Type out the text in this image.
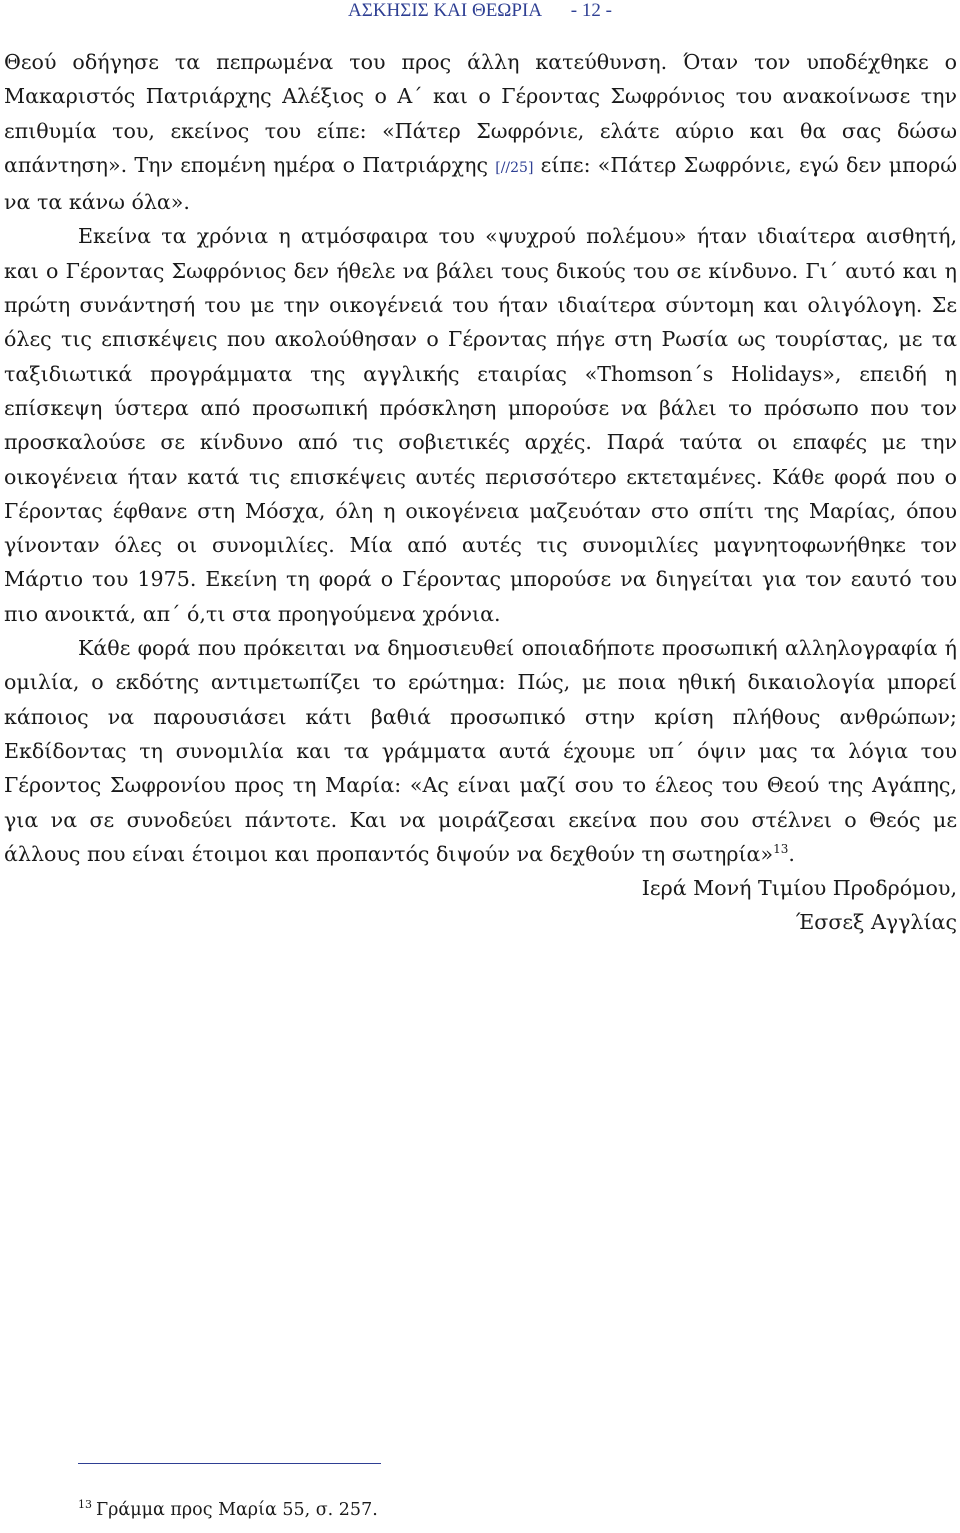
ΑΣΚΗΣΙΣ ΚΑΙ ΘΕΩΡΙΑ - 12 -

Θεού οδήγησε τα πεπρωμένα του προς άλλη κατεύθυνση. Όταν τον υποδέχθηκε ο Μακαριστός Πατριάρχης Αλέξιος ο Α΄ και ο Γέροντας Σωφρόνιος του ανακοίνωσε την επιθυμία του, εκείνος του είπε: «Πάτερ Σωφρόνιε, ελάτε αύριο και θα σας δώσω απάντηση». Την επομένη ημέρα ο Πατριάρχης [//25] είπε: «Πάτερ Σωφρόνιε, εγώ δεν μπορώ να τα κάνω όλα».

Εκείνα τα χρόνια η ατμόσφαιρα του «ψυχρού πολέμου» ήταν ιδιαίτερα αισθητή, και ο Γέροντας Σωφρόνιος δεν ήθελε να βάλει τους δικούς του σε κίνδυνο. Γι΄ αυτό και η πρώτη συνάντησή του με την οικογένειά του ήταν ιδιαίτερα σύντομη και ολιγόλογη. Σε όλες τις επισκέψεις που ακολούθησαν ο Γέροντας πήγε στη Ρωσία ως τουρίστας, με τα ταξιδιωτικά προγράμματα της αγγλικής εταιρίας «Thomson΄s Holidays», επειδή η επίσκεψη ύστερα από προσωπική πρόσκληση μπορούσε να βάλει το πρόσωπο που τον προσκαλούσε σε κίνδυνο από τις σοβιετικές αρχές. Παρά ταύτα οι επαφές με την οικογένεια ήταν κατά τις επισκέψεις αυτές περισσότερο εκτεταμένες. Κάθε φορά που ο Γέροντας έφθανε στη Μόσχα, όλη η οικογένεια μαζευόταν στο σπίτι της Μαρίας, όπου γίνονταν όλες οι συνομιλίες. Μία από αυτές τις συνομιλίες μαγνητοφωνήθηκε τον Μάρτιο του 1975. Εκείνη τη φορά ο Γέροντας μπορούσε να διηγείται για τον εαυτό του πιο ανοικτά, απ΄ ό,τι στα προηγούμενα χρόνια.

Κάθε φορά που πρόκειται να δημοσιευθεί οποιαδήποτε προσωπική αλληλογραφία ή ομιλία, ο εκδότης αντιμετωπίζει το ερώτημα: Πώς, με ποια ηθική δικαιολογία μπορεί κάποιος να παρουσιάσει κάτι βαθιά προσωπικό στην κρίση πλήθους ανθρώπων; Εκδίδοντας τη συνομιλία και τα γράμματα αυτά έχουμε υπ΄ όψιν μας τα λόγια του Γέροντος Σωφρονίου προς τη Μαρία: «Ας είναι μαζί σου το έλεος του Θεού της Αγάπης, για να σε συνοδεύει πάντοτε. Και να μοιράζεσαι εκείνα που σου στέλνει ο Θεός με άλλους που είναι έτοιμοι και προπαντός διψούν να δεχθούν τη σωτηρία»$^{13}$.

Ιερά Μονή Τιμίου Προδρόμου,
Έσσεξ Αγγλίας
$^{13}$ Γράμμα προς Μαρία 55, σ. 257.
